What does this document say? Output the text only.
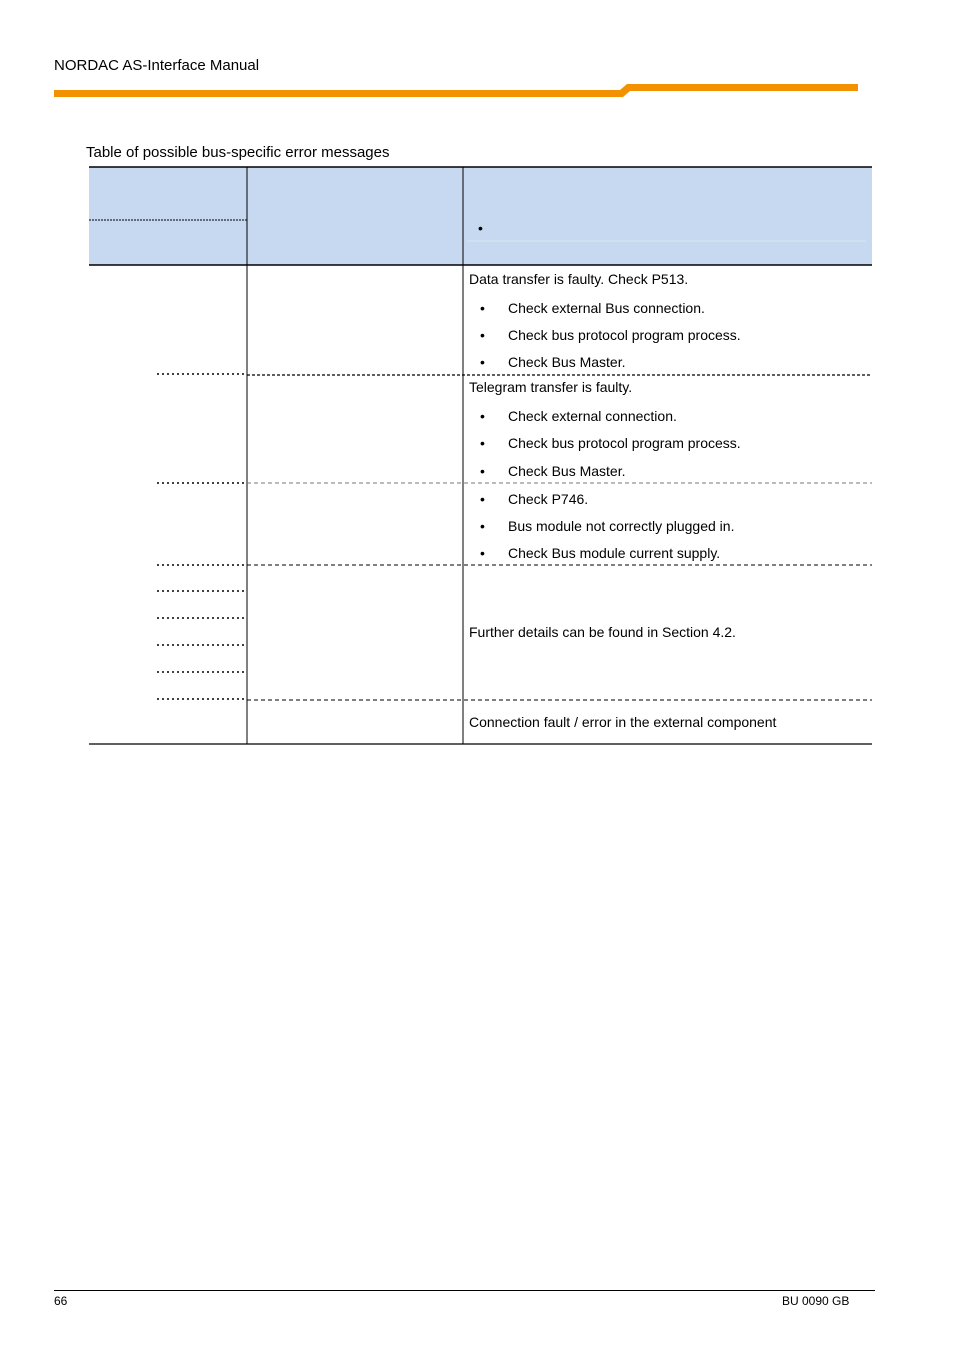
NORDAC AS-Interface Manual
Table of possible bus-specific error messages
•
Data transfer is faulty. Check P513.
• Check external Bus connection.
• Check bus protocol program process.
• Check Bus Master.
Telegram transfer is faulty.
• Check external connection.
• Check bus protocol program process.
• Check Bus Master.
• Check P746.
• Bus module not correctly plugged in.
• Check Bus module current supply.
Further details can be found in Section 4.2.
Connection fault / error in the external component
66	BU 0090 GB
